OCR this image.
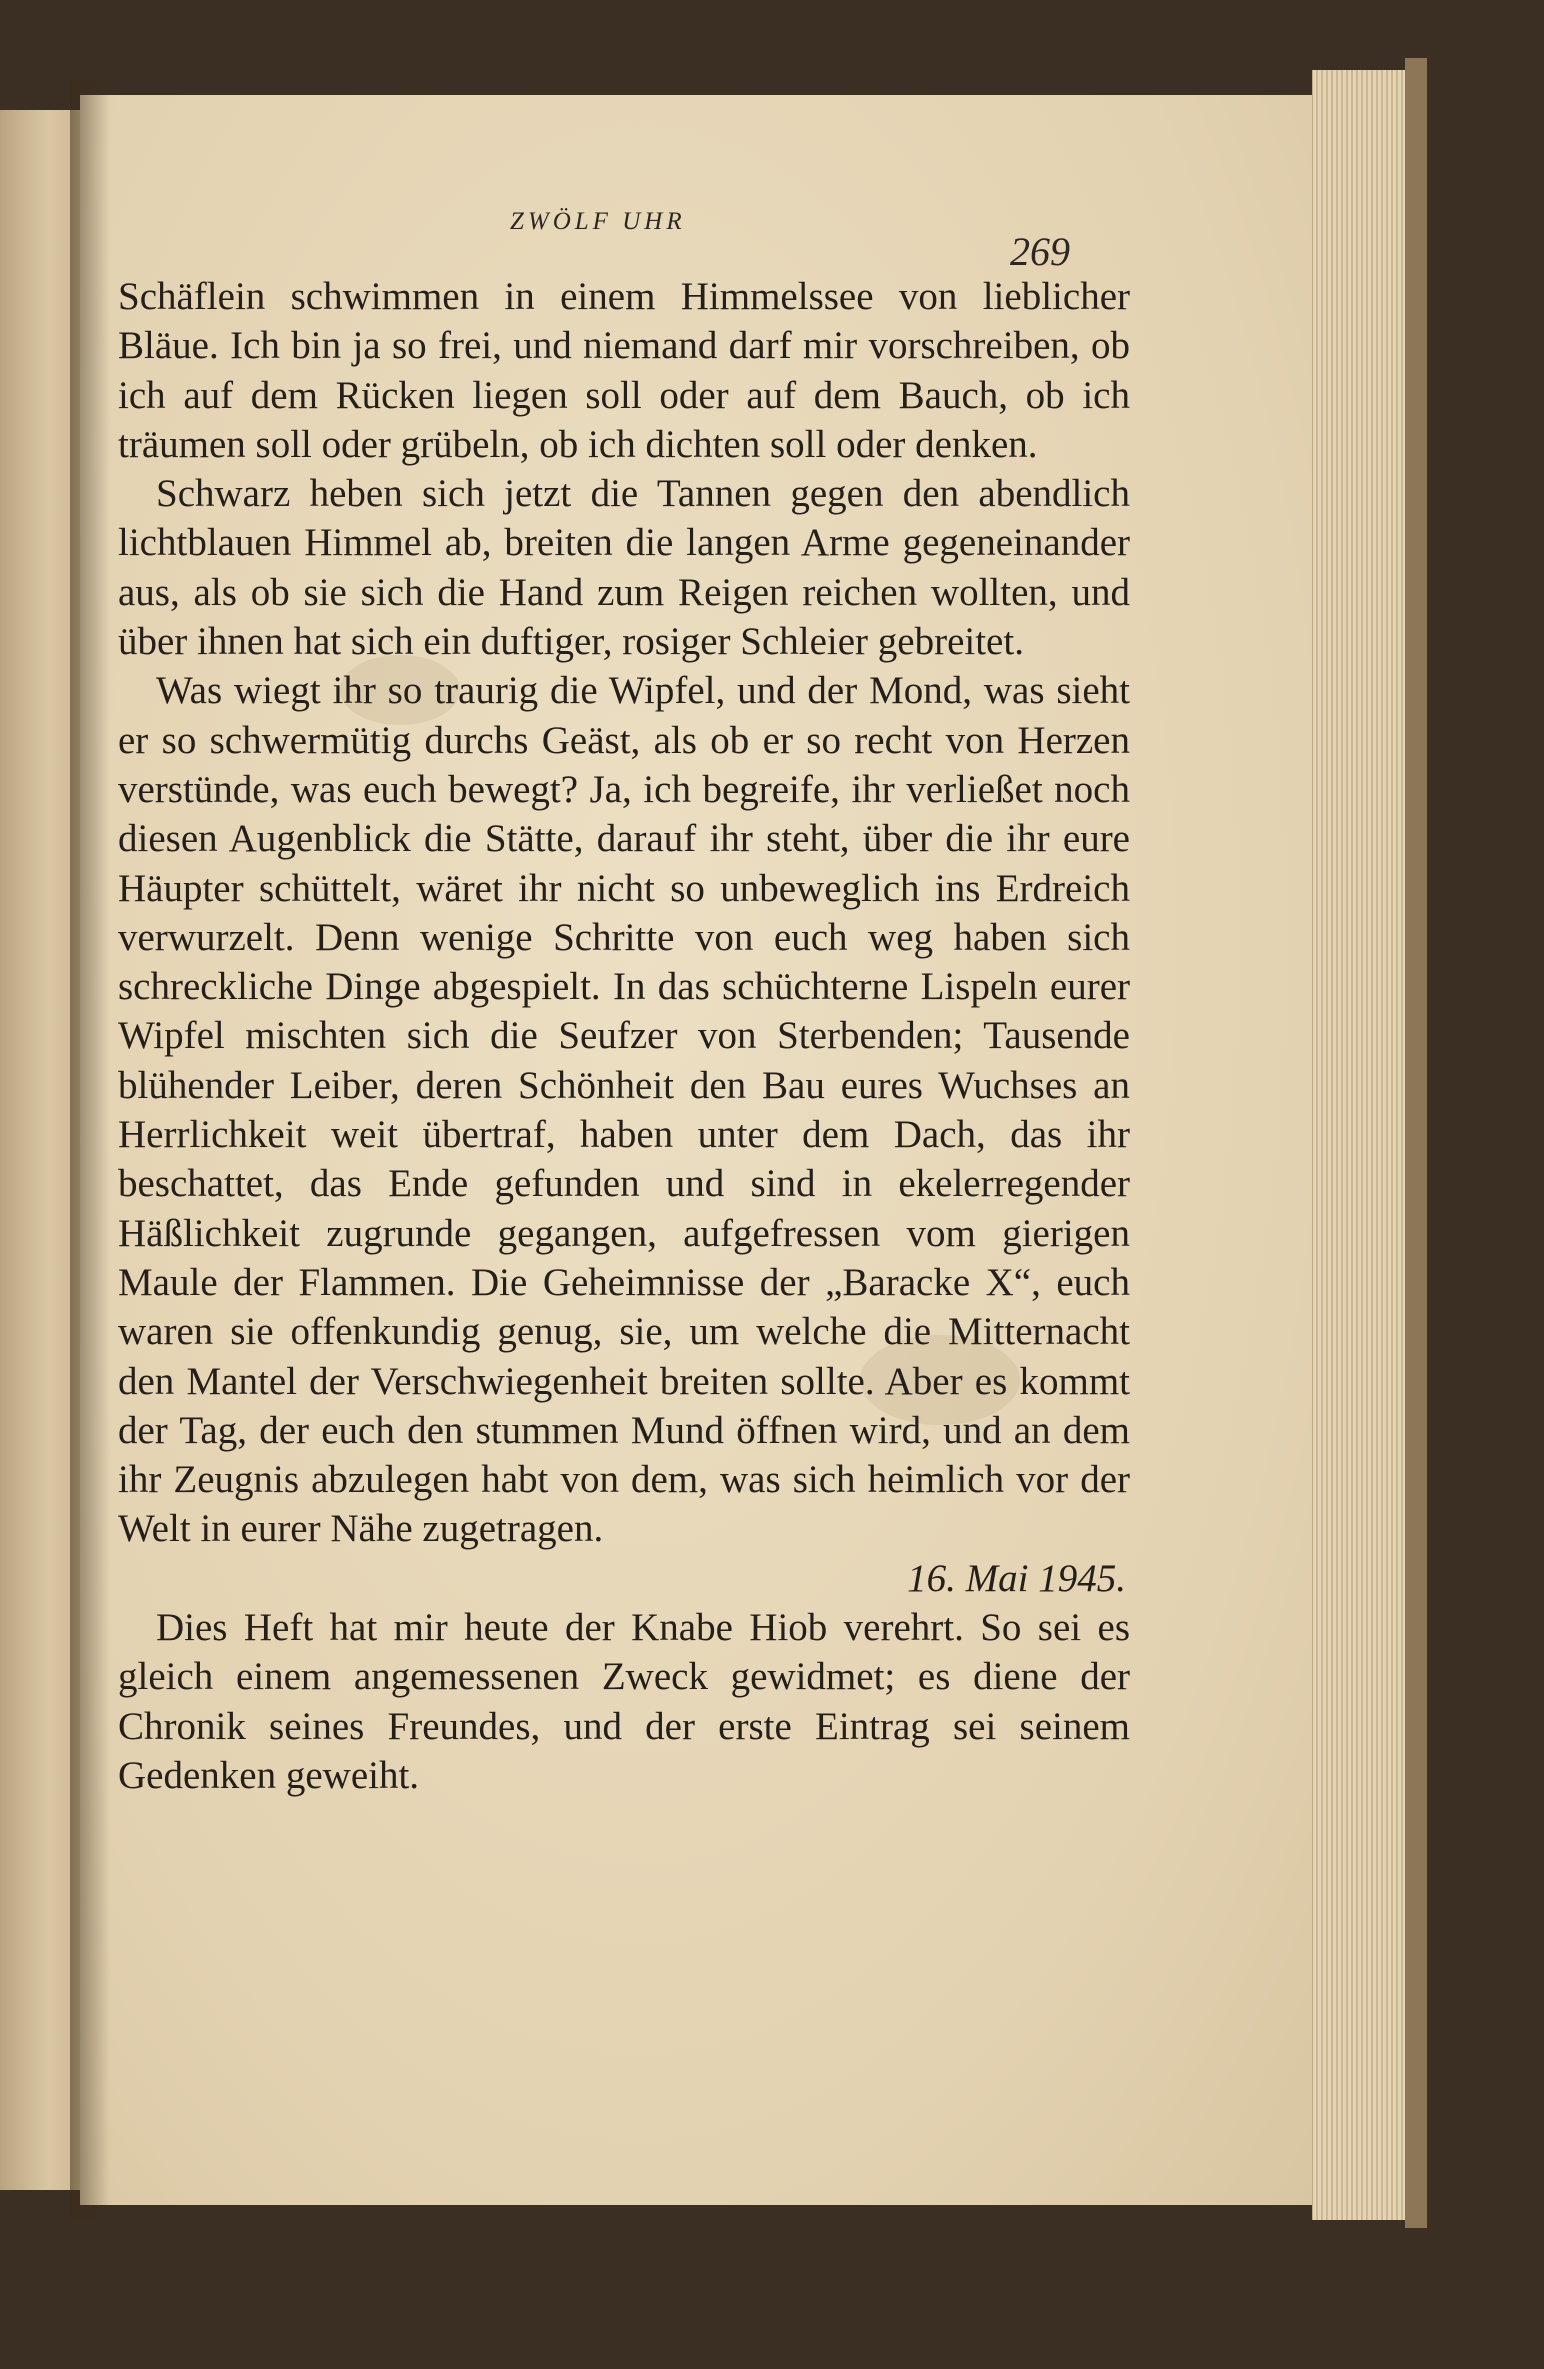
ZWÖLF UHR
269

Schäflein schwimmen in einem Himmelssee von lieblicher Bläue. Ich bin ja so frei, und niemand darf mir vorschreiben, ob ich auf dem Rücken liegen soll oder auf dem Bauch, ob ich träumen soll oder grübeln, ob ich dichten soll oder denken.

Schwarz heben sich jetzt die Tannen gegen den abendlich lichtblauen Himmel ab, breiten die langen Arme gegeneinander aus, als ob sie sich die Hand zum Reigen reichen wollten, und über ihnen hat sich ein duftiger, rosiger Schleier gebreitet.

Was wiegt ihr so traurig die Wipfel, und der Mond, was sieht er so schwermütig durchs Geäst, als ob er so recht von Herzen verstünde, was euch bewegt? Ja, ich begreife, ihr verließet noch diesen Augenblick die Stätte, darauf ihr steht, über die ihr eure Häupter schüttelt, wäret ihr nicht so unbeweglich ins Erdreich verwurzelt. Denn wenige Schritte von euch weg haben sich schreckliche Dinge abgespielt. In das schüchterne Lispeln eurer Wipfel mischten sich die Seufzer von Sterbenden; Tausende blühender Leiber, deren Schönheit den Bau eures Wuchses an Herrlichkeit weit übertraf, haben unter dem Dach, das ihr beschattet, das Ende gefunden und sind in ekelerregender Häßlichkeit zugrunde gegangen, aufgefressen vom gierigen Maule der Flammen. Die Geheimnisse der „Baracke X“, euch waren sie offenkundig genug, sie, um welche die Mitternacht den Mantel der Verschwiegenheit breiten sollte. Aber es kommt der Tag, der euch den stummen Mund öffnen wird, und an dem ihr Zeugnis abzulegen habt von dem, was sich heimlich vor der Welt in eurer Nähe zugetragen.

16. Mai 1945.

Dies Heft hat mir heute der Knabe Hiob verehrt. So sei es gleich einem angemessenen Zweck gewidmet; es diene der Chronik seines Freundes, und der erste Eintrag sei seinem Gedenken geweiht.
